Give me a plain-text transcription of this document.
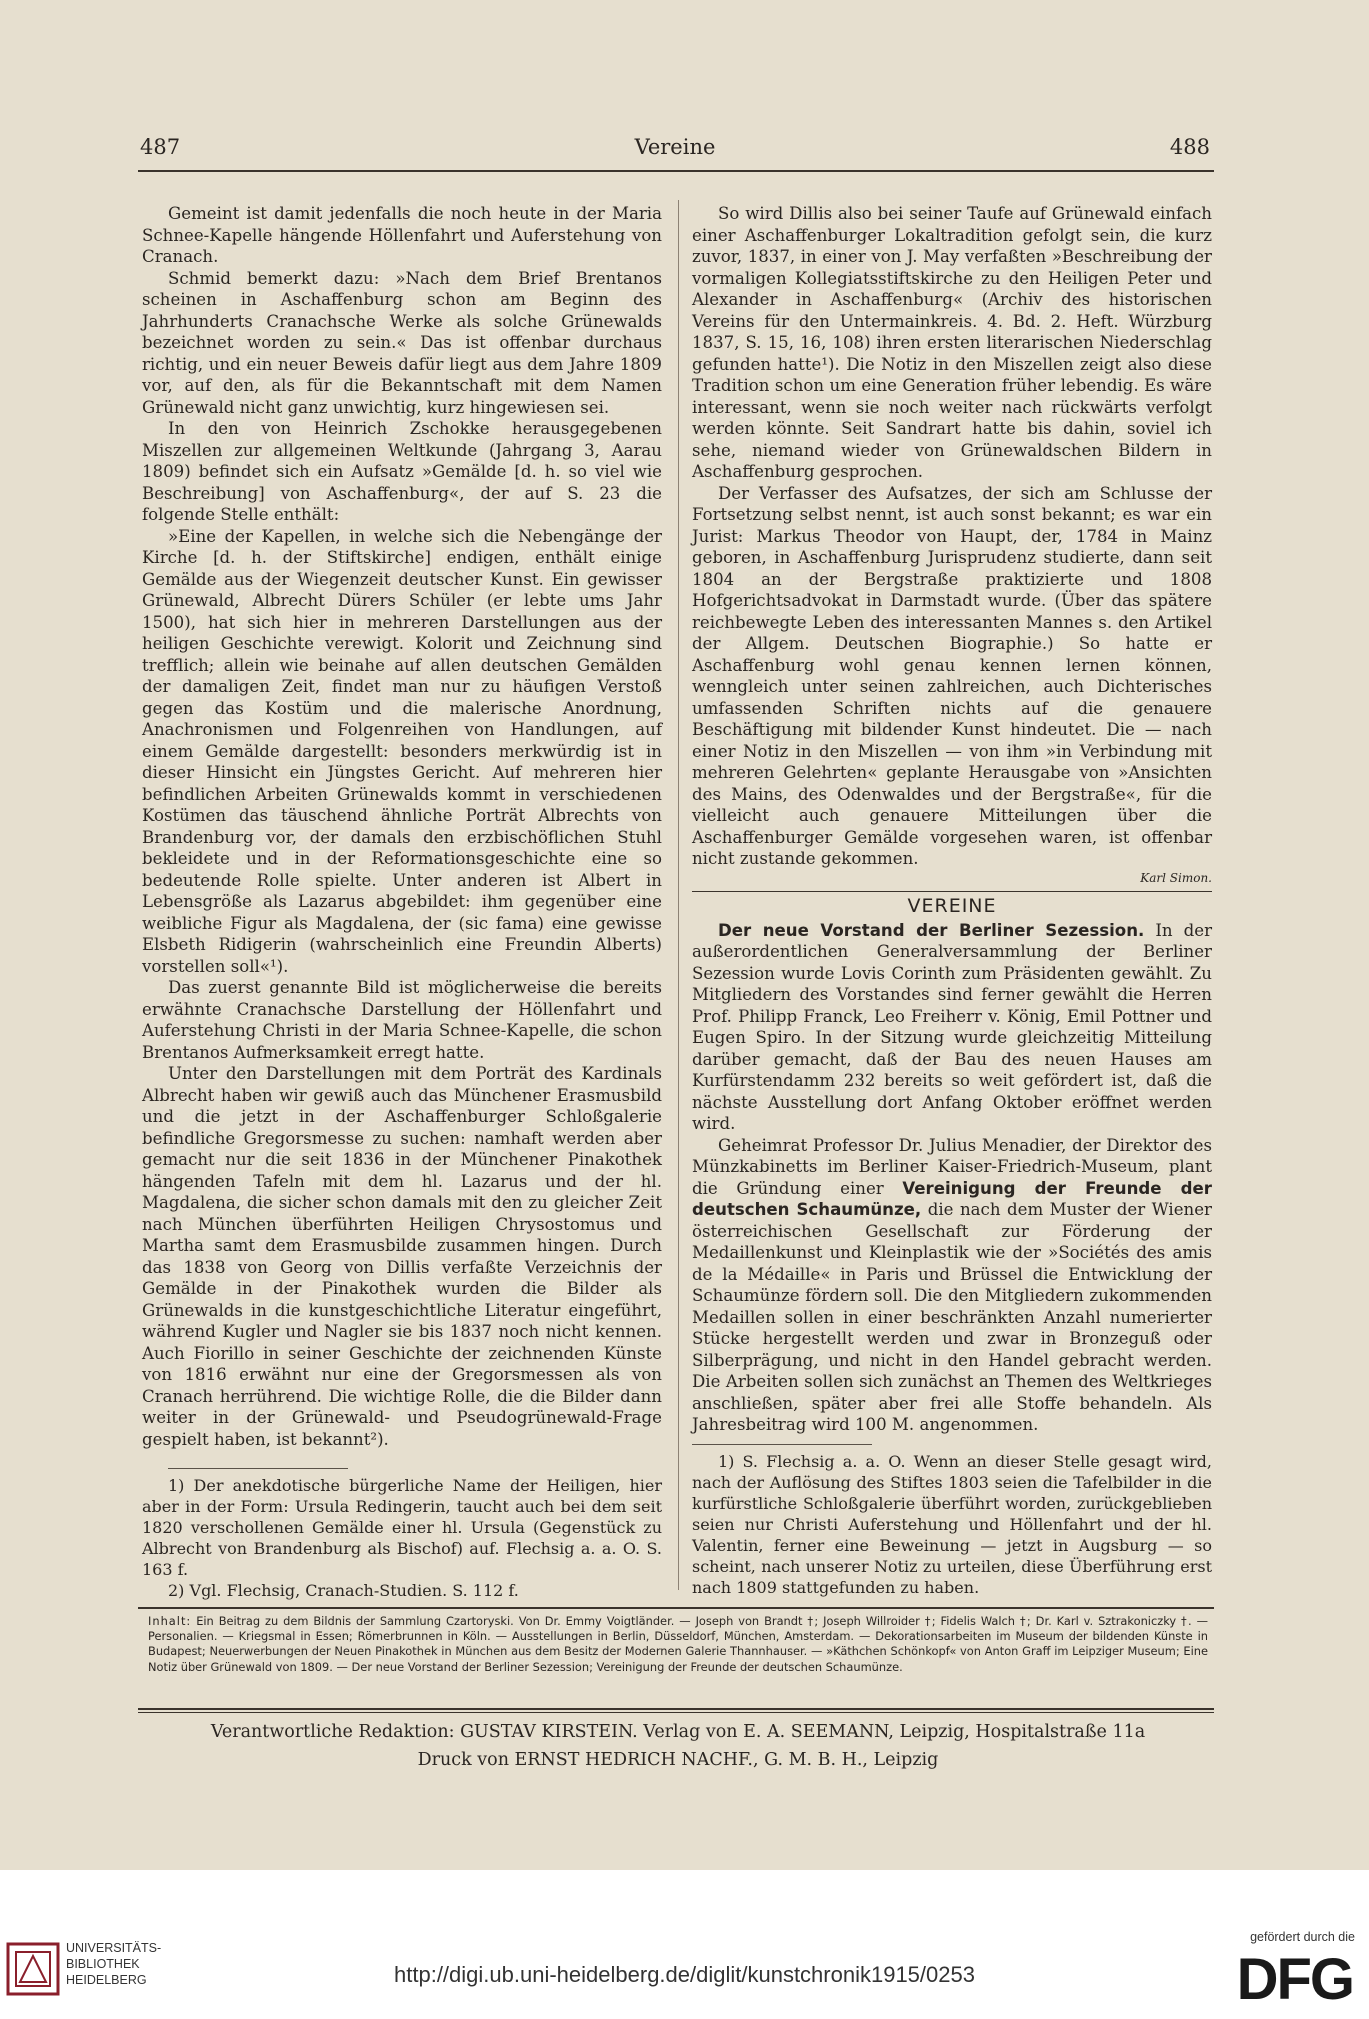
487	Vereine	488

Gemeint ist damit jedenfalls die noch heute in der Maria Schnee-Kapelle hängende Höllenfahrt und Auferstehung von Cranach.

Schmid bemerkt dazu: »Nach dem Brief Brentanos scheinen in Aschaffenburg schon am Beginn des Jahrhunderts Cranachsche Werke als solche Grünewalds bezeichnet worden zu sein.« Das ist offenbar durchaus richtig, und ein neuer Beweis dafür liegt aus dem Jahre 1809 vor, auf den, als für die Bekanntschaft mit dem Namen Grünewald nicht ganz unwichtig, kurz hingewiesen sei.

In den von Heinrich Zschokke herausgegebenen Miszellen zur allgemeinen Weltkunde (Jahrgang 3, Aarau 1809) befindet sich ein Aufsatz »Gemälde [d. h. so viel wie Beschreibung] von Aschaffenburg«, der auf S. 23 die folgende Stelle enthält:

»Eine der Kapellen, in welche sich die Nebengänge der Kirche [d. h. der Stiftskirche] endigen, enthält einige Gemälde aus der Wiegenzeit deutscher Kunst. Ein gewisser Grünewald, Albrecht Dürers Schüler (er lebte ums Jahr 1500), hat sich hier in mehreren Darstellungen aus der heiligen Geschichte verewigt. Kolorit und Zeichnung sind trefflich; allein wie beinahe auf allen deutschen Gemälden der damaligen Zeit, findet man nur zu häufigen Verstoß gegen das Kostüm und die malerische Anordnung, Anachronismen und Folgenreihen von Handlungen, auf einem Gemälde dargestellt: besonders merkwürdig ist in dieser Hinsicht ein Jüngstes Gericht. Auf mehreren hier befindlichen Arbeiten Grünewalds kommt in verschiedenen Kostümen das täuschend ähnliche Porträt Albrechts von Brandenburg vor, der damals den erzbischöflichen Stuhl bekleidete und in der Reformationsgeschichte eine so bedeutende Rolle spielte. Unter anderen ist Albert in Lebensgröße als Lazarus abgebildet: ihm gegenüber eine weibliche Figur als Magdalena, der (sic fama) eine gewisse Elsbeth Ridigerin (wahrscheinlich eine Freundin Alberts) vorstellen soll«¹).

Das zuerst genannte Bild ist möglicherweise die bereits erwähnte Cranachsche Darstellung der Höllenfahrt und Auferstehung Christi in der Maria Schnee-Kapelle, die schon Brentanos Aufmerksamkeit erregt hatte.

Unter den Darstellungen mit dem Porträt des Kardinals Albrecht haben wir gewiß auch das Münchener Erasmusbild und die jetzt in der Aschaffenburger Schloßgalerie befindliche Gregorsmesse zu suchen: namhaft werden aber gemacht nur die seit 1836 in der Münchener Pinakothek hängenden Tafeln mit dem hl. Lazarus und der hl. Magdalena, die sicher schon damals mit den zu gleicher Zeit nach München überführten Heiligen Chrysostomus und Martha samt dem Erasmusbilde zusammen hingen. Durch das 1838 von Georg von Dillis verfaßte Verzeichnis der Gemälde in der Pinakothek wurden die Bilder als Grünewalds in die kunstgeschichtliche Literatur eingeführt, während Kugler und Nagler sie bis 1837 noch nicht kennen. Auch Fiorillo in seiner Geschichte der zeichnenden Künste von 1816 erwähnt nur eine der Gregorsmessen als von Cranach herrührend. Die wichtige Rolle, die die Bilder dann weiter in der Grünewald- und Pseudogrünewald-Frage gespielt haben, ist bekannt²).

1) Der anekdotische bürgerliche Name der Heiligen, hier aber in der Form: Ursula Redingerin, taucht auch bei dem seit 1820 verschollenen Gemälde einer hl. Ursula (Gegenstück zu Albrecht von Brandenburg als Bischof) auf. Flechsig a. a. O. S. 163 f.

2) Vgl. Flechsig, Cranach-Studien. S. 112 f.

So wird Dillis also bei seiner Taufe auf Grünewald einfach einer Aschaffenburger Lokaltradition gefolgt sein, die kurz zuvor, 1837, in einer von J. May verfaßten »Beschreibung der vormaligen Kollegiatsstiftskirche zu den Heiligen Peter und Alexander in Aschaffenburg« (Archiv des historischen Vereins für den Untermainkreis. 4. Bd. 2. Heft. Würzburg 1837, S. 15, 16, 108) ihren ersten literarischen Niederschlag gefunden hatte¹). Die Notiz in den Miszellen zeigt also diese Tradition schon um eine Generation früher lebendig. Es wäre interessant, wenn sie noch weiter nach rückwärts verfolgt werden könnte. Seit Sandrart hatte bis dahin, soviel ich sehe, niemand wieder von Grünewaldschen Bildern in Aschaffenburg gesprochen.

Der Verfasser des Aufsatzes, der sich am Schlusse der Fortsetzung selbst nennt, ist auch sonst bekannt; es war ein Jurist: Markus Theodor von Haupt, der, 1784 in Mainz geboren, in Aschaffenburg Jurisprudenz studierte, dann seit 1804 an der Bergstraße praktizierte und 1808 Hofgerichtsadvokat in Darmstadt wurde. (Über das spätere reichbewegte Leben des interessanten Mannes s. den Artikel der Allgem. Deutschen Biographie.) So hatte er Aschaffenburg wohl genau kennen lernen können, wenngleich unter seinen zahlreichen, auch Dichterisches umfassenden Schriften nichts auf die genauere Beschäftigung mit bildender Kunst hindeutet. Die — nach einer Notiz in den Miszellen — von ihm »in Verbindung mit mehreren Gelehrten« geplante Herausgabe von »Ansichten des Mains, des Odenwaldes und der Bergstraße«, für die vielleicht auch genauere Mitteilungen über die Aschaffenburger Gemälde vorgesehen waren, ist offenbar nicht zustande gekommen.

Karl Simon.
VEREINE

Der neue Vorstand der Berliner Sezession. In der außerordentlichen Generalversammlung der Berliner Sezession wurde Lovis Corinth zum Präsidenten gewählt. Zu Mitgliedern des Vorstandes sind ferner gewählt die Herren Prof. Philipp Franck, Leo Freiherr v. König, Emil Pottner und Eugen Spiro. In der Sitzung wurde gleichzeitig Mitteilung darüber gemacht, daß der Bau des neuen Hauses am Kurfürstendamm 232 bereits so weit gefördert ist, daß die nächste Ausstellung dort Anfang Oktober eröffnet werden wird.

Geheimrat Professor Dr. Julius Menadier, der Direktor des Münzkabinetts im Berliner Kaiser-Friedrich-Museum, plant die Gründung einer Vereinigung der Freunde der deutschen Schaumünze, die nach dem Muster der Wiener österreichischen Gesellschaft zur Förderung der Medaillenkunst und Kleinplastik wie der »Sociétés des amis de la Médaille« in Paris und Brüssel die Entwicklung der Schaumünze fördern soll. Die den Mitgliedern zukommenden Medaillen sollen in einer beschränkten Anzahl numerierter Stücke hergestellt werden und zwar in Bronzeguß oder Silberprägung, und nicht in den Handel gebracht werden. Die Arbeiten sollen sich zunächst an Themen des Weltkrieges anschließen, später aber frei alle Stoffe behandeln. Als Jahresbeitrag wird 100 M. angenommen.

1) S. Flechsig a. a. O. Wenn an dieser Stelle gesagt wird, nach der Auflösung des Stiftes 1803 seien die Tafelbilder in die kurfürstliche Schloßgalerie überführt worden, zurückgeblieben seien nur Christi Auferstehung und Höllenfahrt und der hl. Valentin, ferner eine Beweinung — jetzt in Augsburg — so scheint, nach unserer Notiz zu urteilen, diese Überführung erst nach 1809 stattgefunden zu haben.

Inhalt: Ein Beitrag zu dem Bildnis der Sammlung Czartoryski. Von Dr. Emmy Voigtländer. — Joseph von Brandt †; Joseph Willroider †; Fidelis Walch †; Dr. Karl v. Sztrakoniczky †. — Personalien. — Kriegsmal in Essen; Römerbrunnen in Köln. — Ausstellungen in Berlin, Düsseldorf, München, Amsterdam. — Dekorationsarbeiten im Museum der bildenden Künste in Budapest; Neuerwerbungen der Neuen Pinakothek in München aus dem Besitz der Modernen Galerie Thannhauser. — »Käthchen Schönkopf« von Anton Graff im Leipziger Museum; Eine Notiz über Grünewald von 1809. — Der neue Vorstand der Berliner Sezession; Vereinigung der Freunde der deutschen Schaumünze.
Verantwortliche Redaktion: GUSTAV KIRSTEIN. Verlag von E. A. SEEMANN, Leipzig, Hospitalstraße 11a
Druck von ERNST HEDRICH NACHF., G. M. B. H., Leipzig
UNIVERSITÄTS-
BIBLIOTHEK
HEIDELBERG	http://digi.ub.uni-heidelberg.de/diglit/kunstchronik1915/0253
gefördert durch die
DFG
